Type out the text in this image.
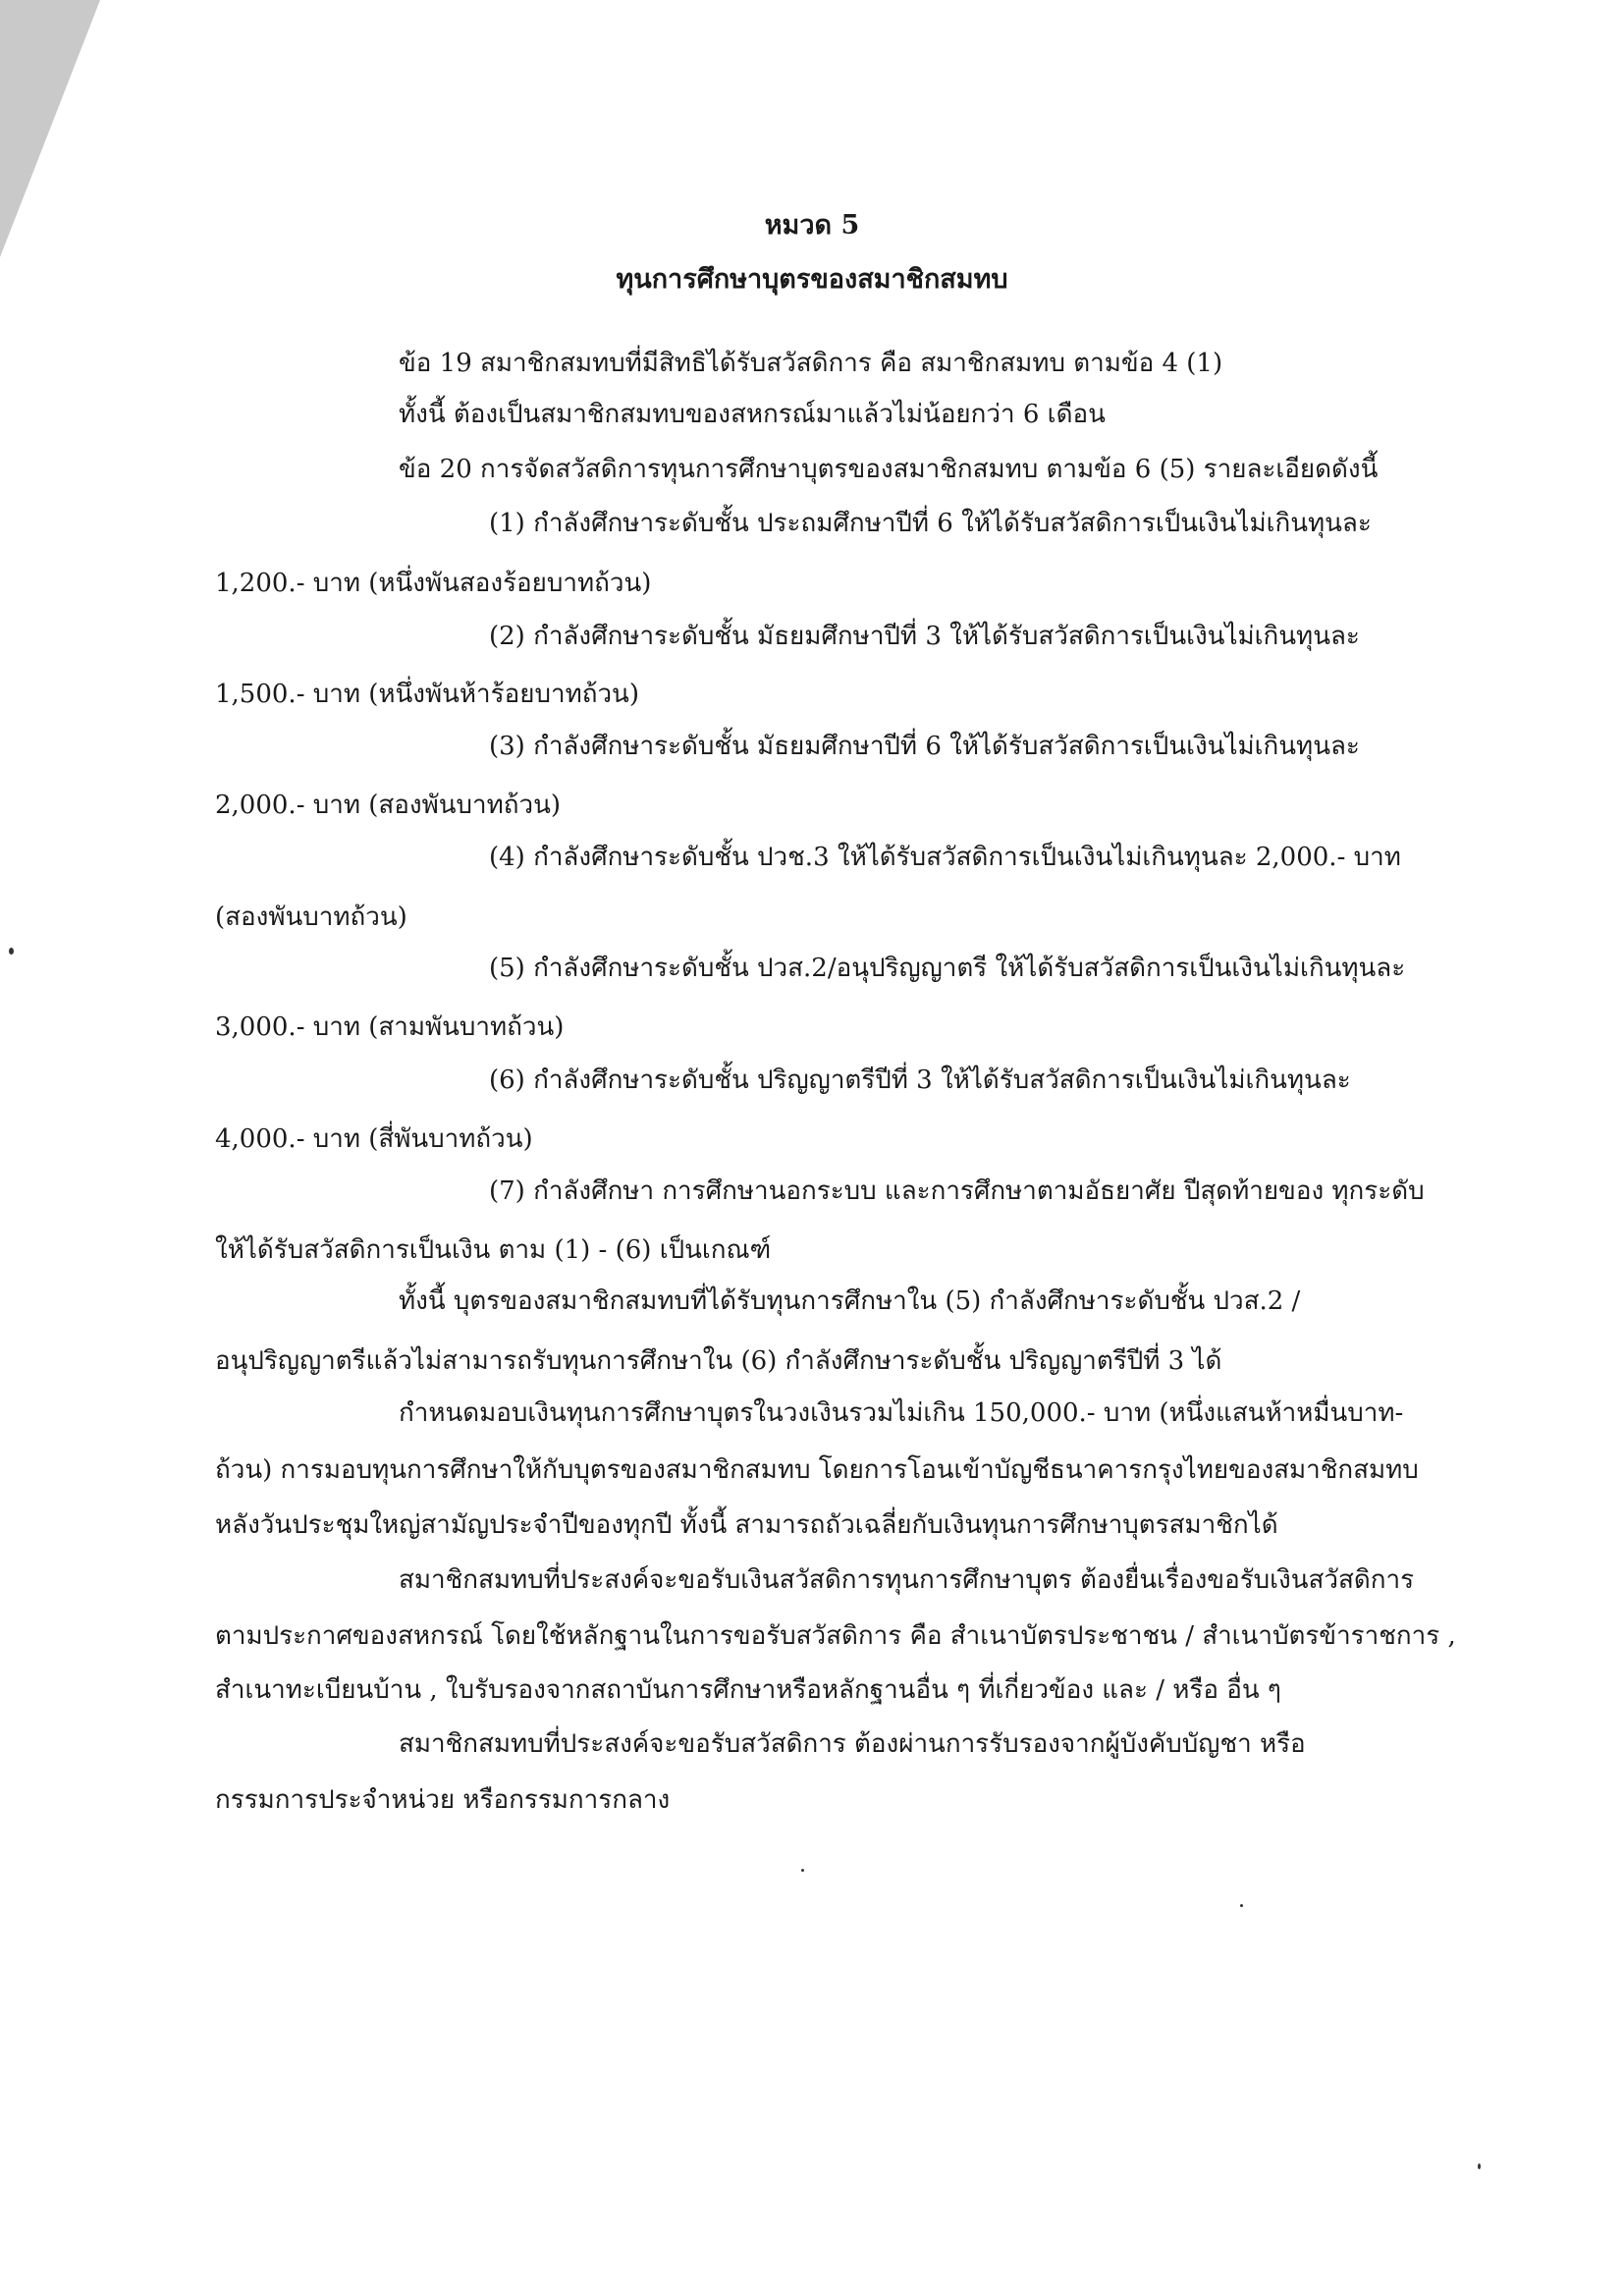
หมวด 5
ทุนการศึกษาบุตรของสมาชิกสมทบ

ข้อ 19 สมาชิกสมทบที่มีสิทธิได้รับสวัสดิการ คือ สมาชิกสมทบ ตามข้อ 4 (1)

ทั้งนี้ ต้องเป็นสมาชิกสมทบของสหกรณ์มาแล้วไม่น้อยกว่า 6 เดือน

ข้อ 20 การจัดสวัสดิการทุนการศึกษาบุตรของสมาชิกสมทบ ตามข้อ 6 (5) รายละเอียดดังนี้

(1) กำลังศึกษาระดับชั้น ประถมศึกษาปีที่ 6 ให้ได้รับสวัสดิการเป็นเงินไม่เกินทุนละ

1,200.- บาท (หนึ่งพันสองร้อยบาทถ้วน)

(2) กำลังศึกษาระดับชั้น มัธยมศึกษาปีที่ 3 ให้ได้รับสวัสดิการเป็นเงินไม่เกินทุนละ

1,500.- บาท (หนึ่งพันห้าร้อยบาทถ้วน)

(3) กำลังศึกษาระดับชั้น มัธยมศึกษาปีที่ 6 ให้ได้รับสวัสดิการเป็นเงินไม่เกินทุนละ

2,000.- บาท (สองพันบาทถ้วน)

(4) กำลังศึกษาระดับชั้น ปวช.3 ให้ได้รับสวัสดิการเป็นเงินไม่เกินทุนละ 2,000.- บาท

(สองพันบาทถ้วน)

(5) กำลังศึกษาระดับชั้น ปวส.2/อนุปริญญาตรี ให้ได้รับสวัสดิการเป็นเงินไม่เกินทุนละ

3,000.- บาท (สามพันบาทถ้วน)

(6) กำลังศึกษาระดับชั้น ปริญญาตรีปีที่ 3 ให้ได้รับสวัสดิการเป็นเงินไม่เกินทุนละ

4,000.- บาท (สี่พันบาทถ้วน)

(7) กำลังศึกษา การศึกษานอกระบบ และการศึกษาตามอัธยาศัย ปีสุดท้ายของ ทุกระดับ

ให้ได้รับสวัสดิการเป็นเงิน ตาม (1) - (6) เป็นเกณฑ์

ทั้งนี้ บุตรของสมาชิกสมทบที่ได้รับทุนการศึกษาใน (5) กำลังศึกษาระดับชั้น ปวส.2 /

อนุปริญญาตรีแล้วไม่สามารถรับทุนการศึกษาใน (6) กำลังศึกษาระดับชั้น ปริญญาตรีปีที่ 3 ได้

กำหนดมอบเงินทุนการศึกษาบุตรในวงเงินรวมไม่เกิน 150,000.- บาท (หนึ่งแสนห้าหมื่นบาท-

ถ้วน) การมอบทุนการศึกษาให้กับบุตรของสมาชิกสมทบ โดยการโอนเข้าบัญชีธนาคารกรุงไทยของสมาชิกสมทบ

หลังวันประชุมใหญ่สามัญประจำปีของทุกปี ทั้งนี้ สามารถถัวเฉลี่ยกับเงินทุนการศึกษาบุตรสมาชิกได้

สมาชิกสมทบที่ประสงค์จะขอรับเงินสวัสดิการทุนการศึกษาบุตร ต้องยื่นเรื่องขอรับเงินสวัสดิการ

ตามประกาศของสหกรณ์ โดยใช้หลักฐานในการขอรับสวัสดิการ คือ สำเนาบัตรประชาชน / สำเนาบัตรข้าราชการ ,

สำเนาทะเบียนบ้าน , ใบรับรองจากสถาบันการศึกษาหรือหลักฐานอื่น ๆ ที่เกี่ยวข้อง และ / หรือ อื่น ๆ

สมาชิกสมทบที่ประสงค์จะขอรับสวัสดิการ ต้องผ่านการรับรองจากผู้บังคับบัญชา หรือ

กรรมการประจำหน่วย หรือกรรมการกลาง
